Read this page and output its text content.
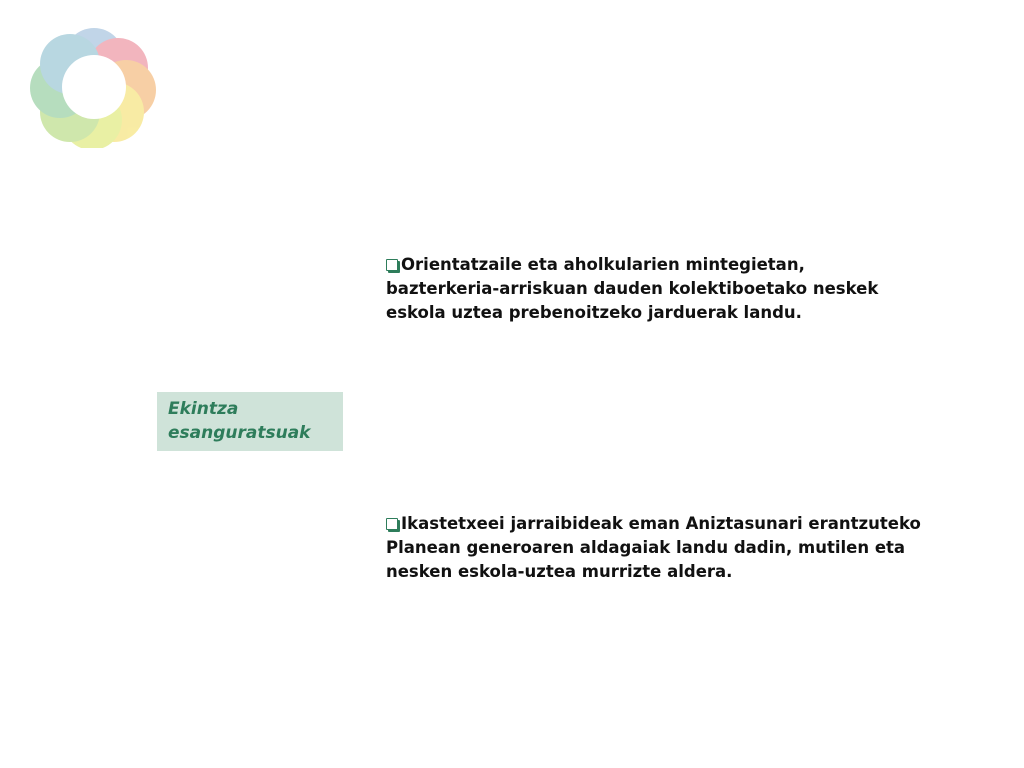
Ekintza
esanguratsuak
Orientatzaile eta aholkularien mintegietan,
bazterkeria-arriskuan dauden kolektiboetako neskek
eskola uztea prebenoitzeko jarduerak landu.
Ikastetxeei jarraibideak eman Aniztasunari erantzuteko
Planean generoaren aldagaiak landu dadin, mutilen eta
nesken eskola-uztea murrizte aldera.
